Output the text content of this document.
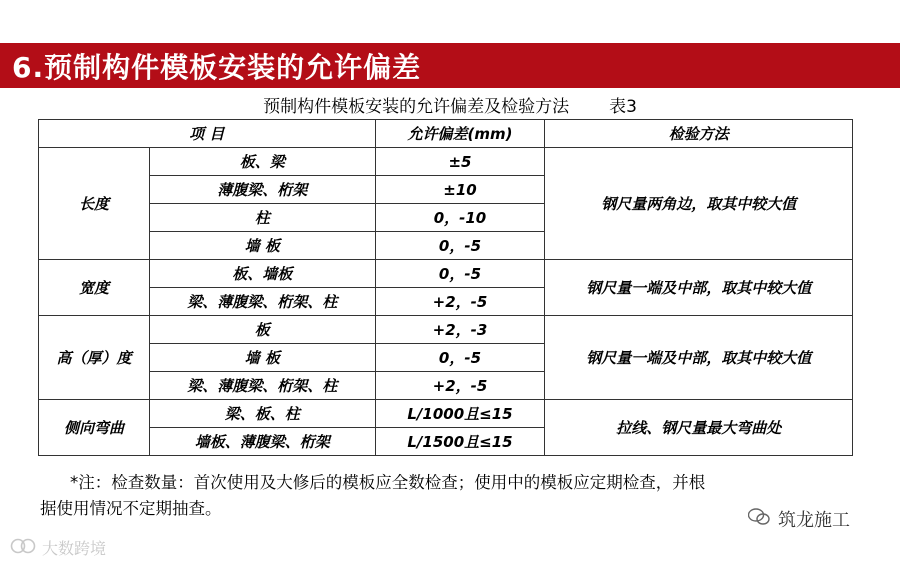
6.预制构件模板安装的允许偏差
预制构件模板安装的允许偏差及检验方法 表3
项 目		允许偏差(mm)	检验方法
长度	板、梁	±5	钢尺量两角边，取其中较大值
	薄腹梁、桁架	±10	
	柱	0，-10	
	墙 板	0，-5	
宽度	板、墙板	0，-5	钢尺量一端及中部，取其中较大值
	梁、薄腹梁、桁架、柱	+2，-5	
高（厚）度	板	+2，-3	钢尺量一端及中部，取其中较大值
	墙 板	0，-5	
	梁、薄腹梁、桁架、柱	+2，-5	
侧向弯曲	梁、板、柱	L/1000且≤15	拉线、钢尺量最大弯曲处
	墙板、薄腹梁、桁架	L/1500且≤15	
*注：检查数量：首次使用及大修后的模板应全数检查；使用中的模板应定期检查，并根
据使用情况不定期抽查。
筑龙施工
大数跨境
